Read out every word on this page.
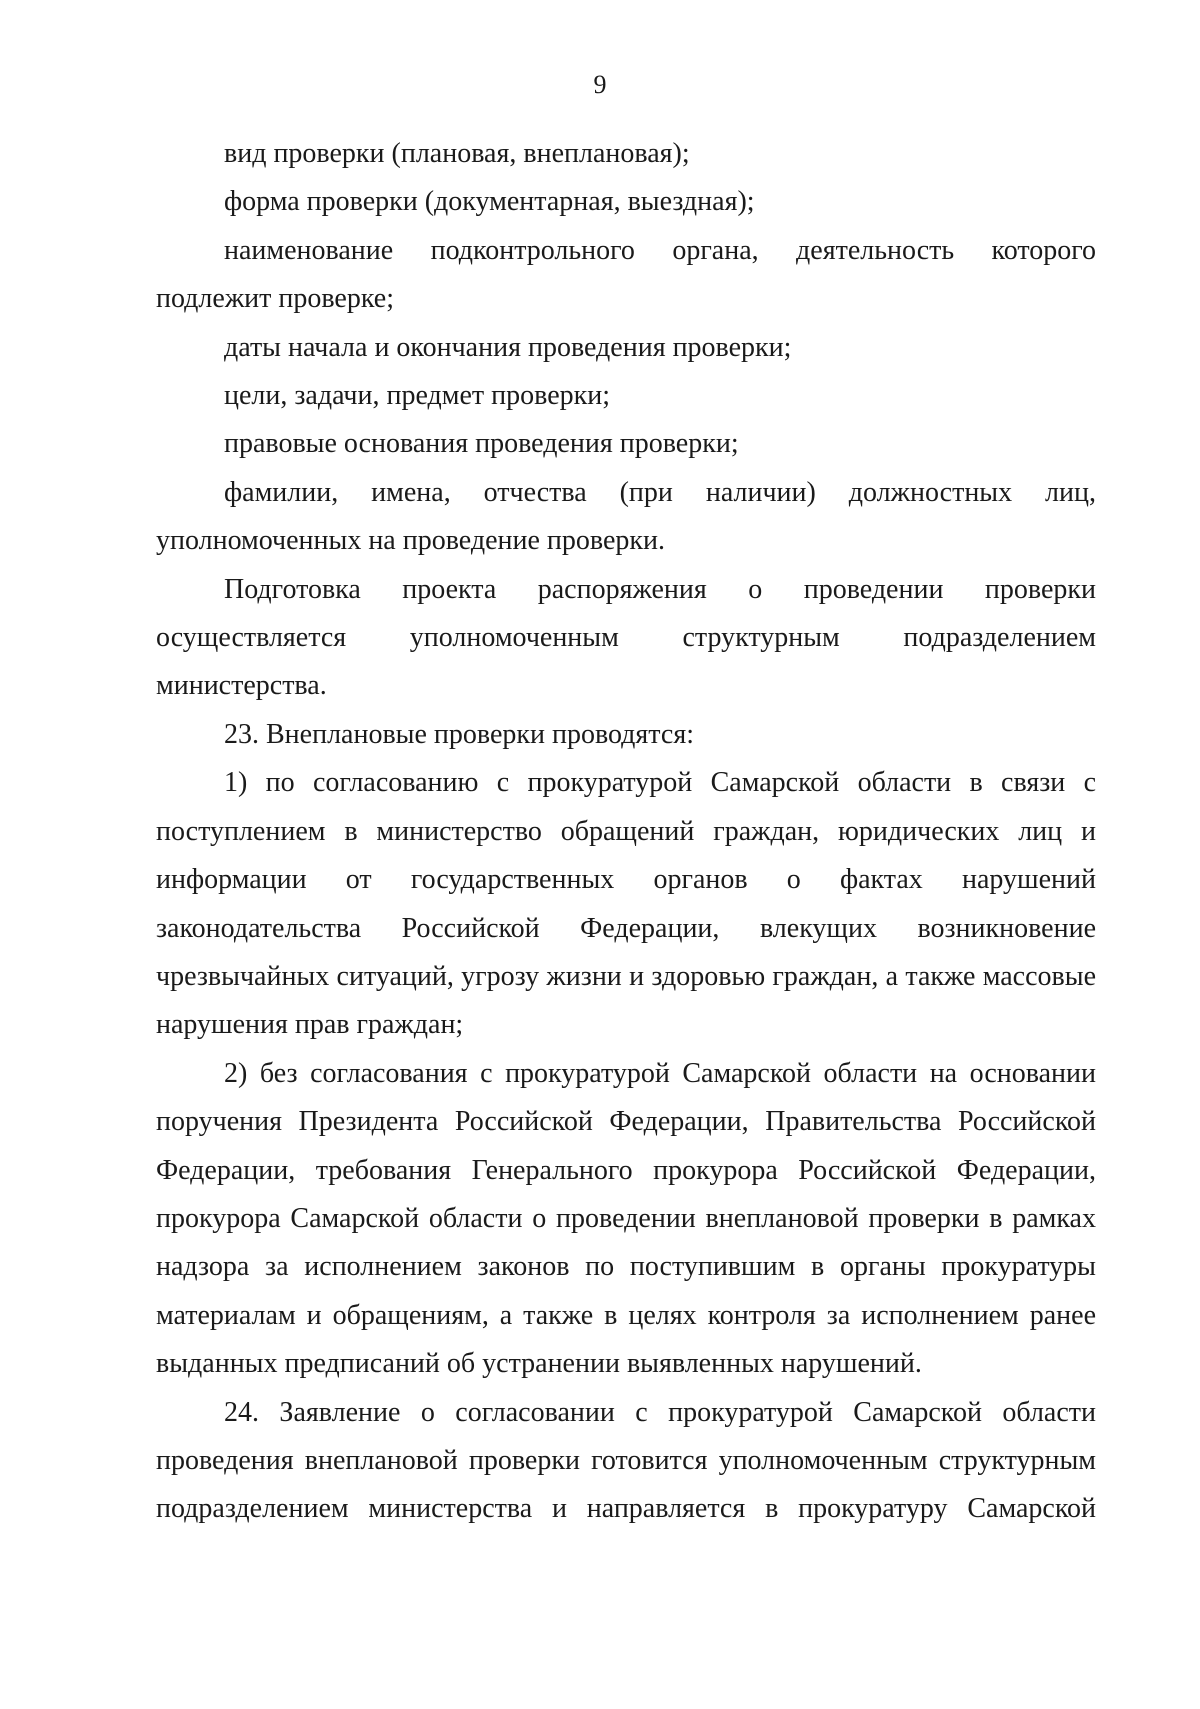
9

вид проверки (плановая, внеплановая);

форма проверки (документарная, выездная);

наименование подконтрольного органа, деятельность которого подлежит проверке;

даты начала и окончания проведения проверки;

цели, задачи, предмет проверки;

правовые основания проведения проверки;

фамилии, имена, отчества (при наличии) должностных лиц, уполномоченных на проведение проверки.

Подготовка проекта распоряжения о проведении проверки осуществляется уполномоченным структурным подразделением министерства.

23. Внеплановые проверки проводятся:

1) по согласованию с прокуратурой Самарской области в связи с поступлением в министерство обращений граждан, юридических лиц и информации от государственных органов о фактах нарушений законодательства Российской Федерации, влекущих возникновение чрезвычайных ситуаций, угрозу жизни и здоровью граждан, а также массовые нарушения прав граждан;

2) без согласования с прокуратурой Самарской области на основании поручения Президента Российской Федерации, Правительства Российской Федерации, требования Генерального прокурора Российской Федерации, прокурора Самарской области о проведении внеплановой проверки в рамках надзора за исполнением законов по поступившим в органы прокуратуры материалам и обращениям, а также в целях контроля за исполнением ранее выданных предписаний об устранении выявленных нарушений.

24. Заявление о согласовании с прокуратурой Самарской области проведения внеплановой проверки готовится уполномоченным структурным подразделением министерства и направляется в прокуратуру Самарской
